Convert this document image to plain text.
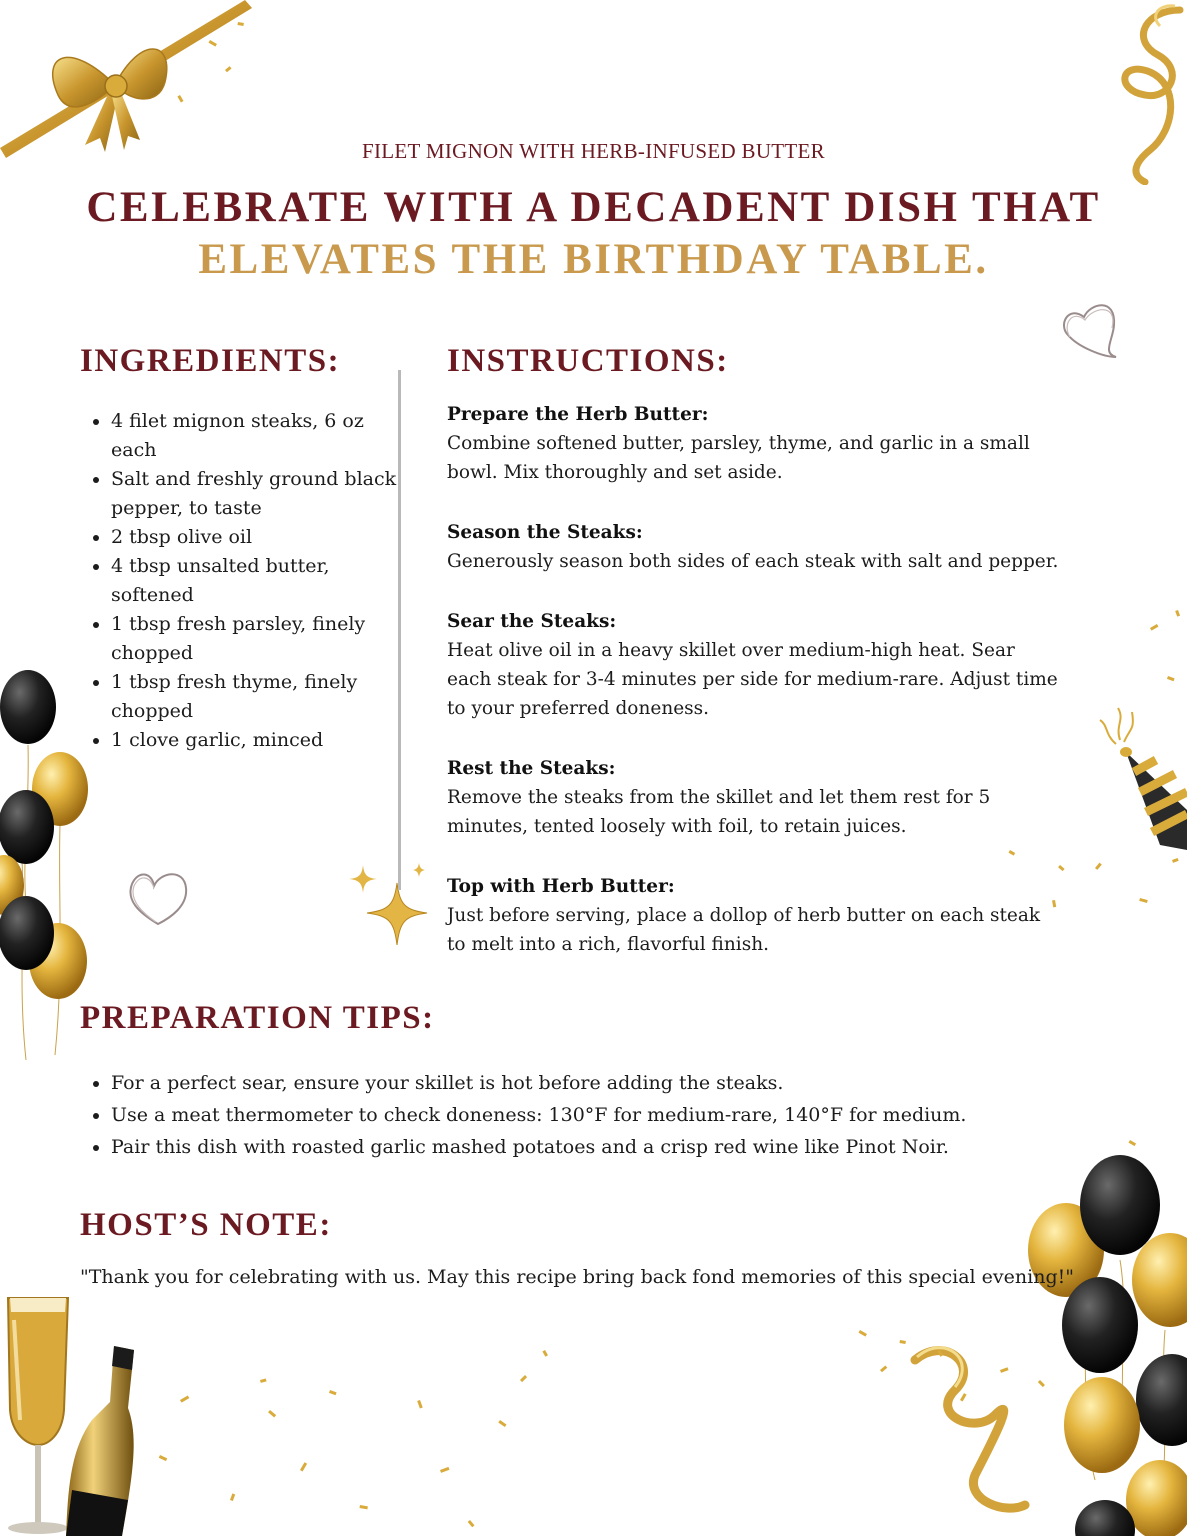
FILET MIGNON WITH HERB-INFUSED BUTTER
CELEBRATE WITH A DECADENT DISH THAT
ELEVATES THE BIRTHDAY TABLE.
INGREDIENTS:
• 4 filet mignon steaks, 6 oz each
• Salt and freshly ground black pepper, to taste
• 2 tbsp olive oil
• 4 tbsp unsalted butter, softened
• 1 tbsp fresh parsley, finely chopped
• 1 tbsp fresh thyme, finely chopped
• 1 clove garlic, minced
INSTRUCTIONS:
Prepare the Herb Butter:
Combine softened butter, parsley, thyme, and garlic in a small bowl. Mix thoroughly and set aside.
Season the Steaks:
Generously season both sides of each steak with salt and pepper.
Sear the Steaks:
Heat olive oil in a heavy skillet over medium-high heat. Sear each steak for 3-4 minutes per side for medium-rare. Adjust time to your preferred doneness.
Rest the Steaks:
Remove the steaks from the skillet and let them rest for 5 minutes, tented loosely with foil, to retain juices.
Top with Herb Butter:
Just before serving, place a dollop of herb butter on each steak to melt into a rich, flavorful finish.
PREPARATION TIPS:
• For a perfect sear, ensure your skillet is hot before adding the steaks.
• Use a meat thermometer to check doneness: 130°F for medium-rare, 140°F for medium.
• Pair this dish with roasted garlic mashed potatoes and a crisp red wine like Pinot Noir.
HOST’S NOTE:
"Thank you for celebrating with us. May this recipe bring back fond memories of this special evening!"
